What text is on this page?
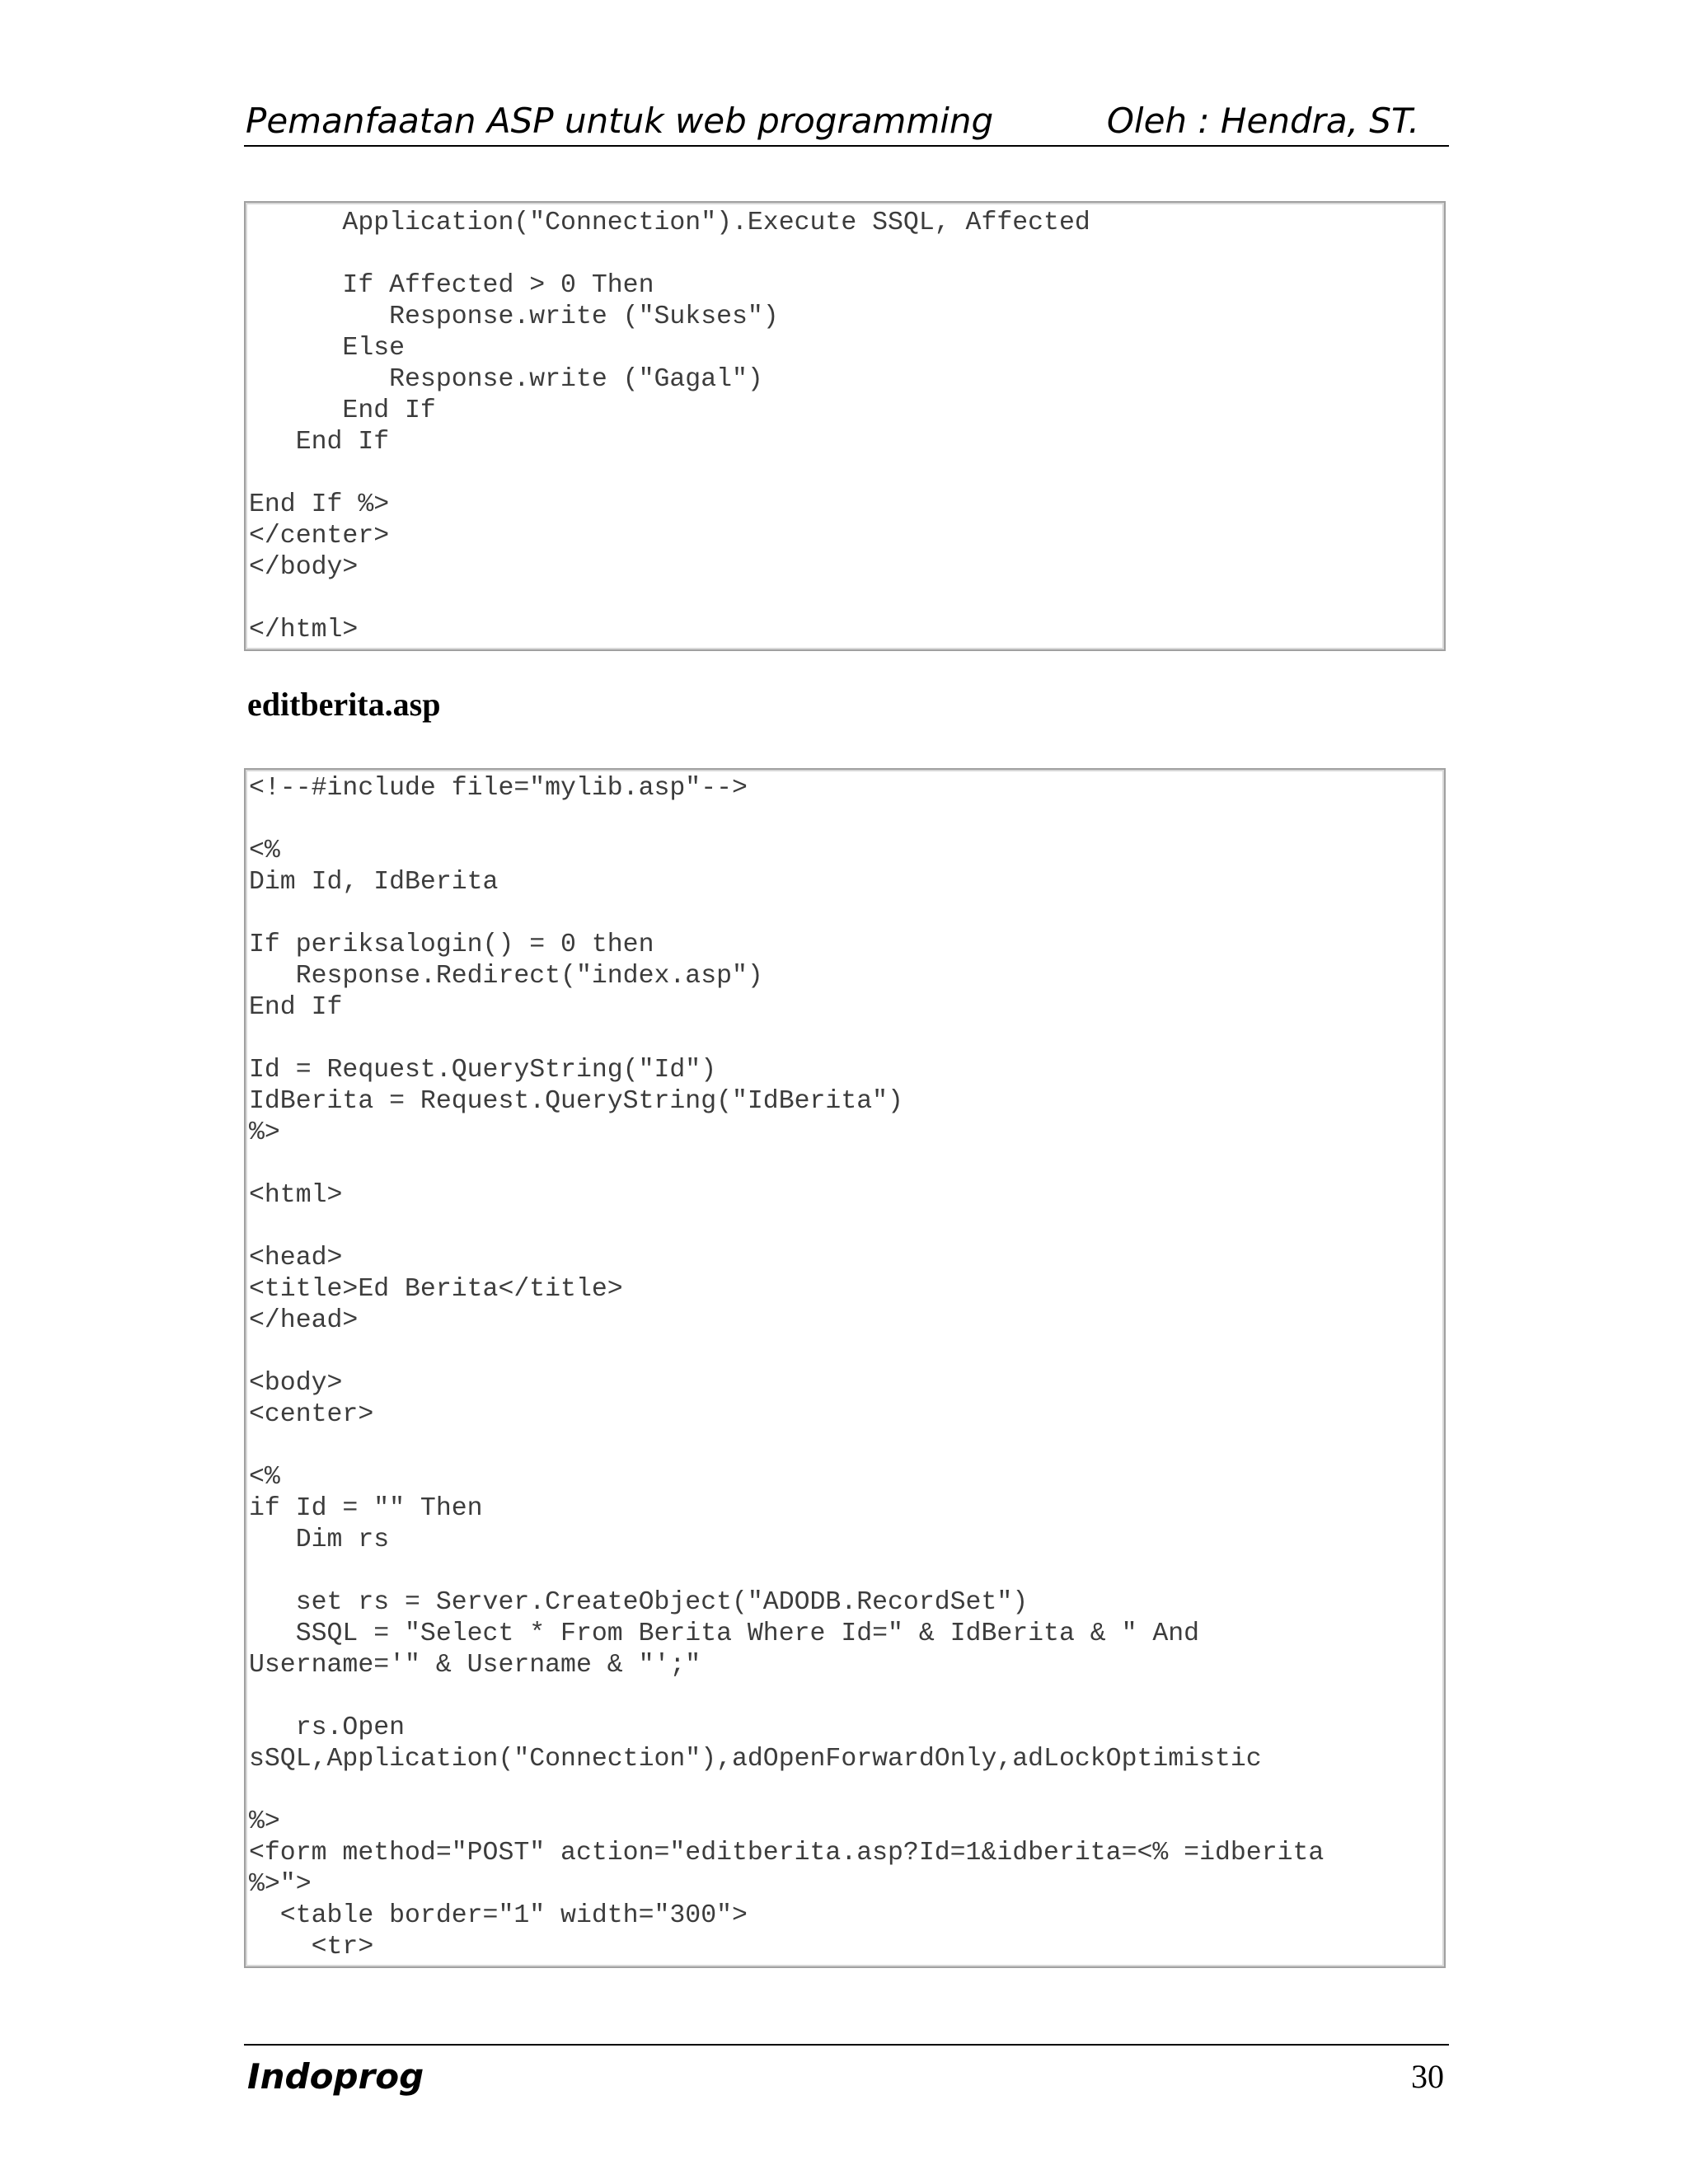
Pemanfaatan ASP untuk web programming	Oleh : Hendra, ST.
Application("Connection").Execute SSQL, Affected

If Affected > 0 Then
Response.write ("Sukses")
Else
Response.write ("Gagal")
End If
End If

End If %>
</center>
</body>

</html>
editberita.asp
<!--#include file="mylib.asp"-->

<%
Dim Id, IdBerita

If periksalogin() = 0 then
Response.Redirect("index.asp")
End If

Id = Request.QueryString("Id")
IdBerita = Request.QueryString("IdBerita")
%>

<html>

<head>
<title>Ed Berita</title>
</head>

<body>
<center>

<%
if Id = "" Then
Dim rs

set rs = Server.CreateObject("ADODB.RecordSet")
SSQL = "Select * From Berita Where Id=" & IdBerita & " And
Username='" & Username & "';"

rs.Open
sSQL,Application("Connection"),adOpenForwardOnly,adLockOptimistic

%>
<form method="POST" action="editberita.asp?Id=1&idberita=<% =idberita
%>">
<table border="1" width="300">
<tr>
Indoprog	30
